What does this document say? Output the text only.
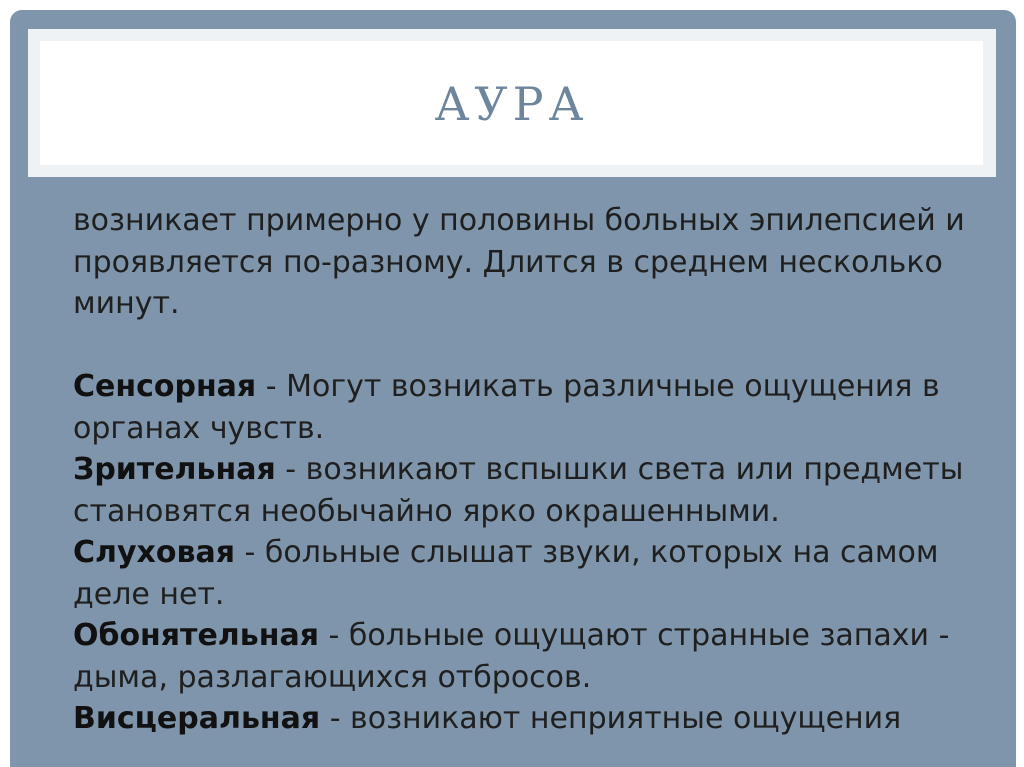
АУРА

возникает примерно у половины больных эпилепсией и проявляется по-разному. Длится в среднем несколько минут.

Сенсорная - Могут возникать различные ощущения в органах чувств.

Зрительная - возникают вспышки света или предметы становятся необычайно ярко окрашенными.

Слуховая - больные слышат звуки, которых на самом деле нет.

Обонятельная - больные ощущают странные запахи - дыма, разлагающихся отбросов.

Висцеральная - возникают неприятные ощущения
